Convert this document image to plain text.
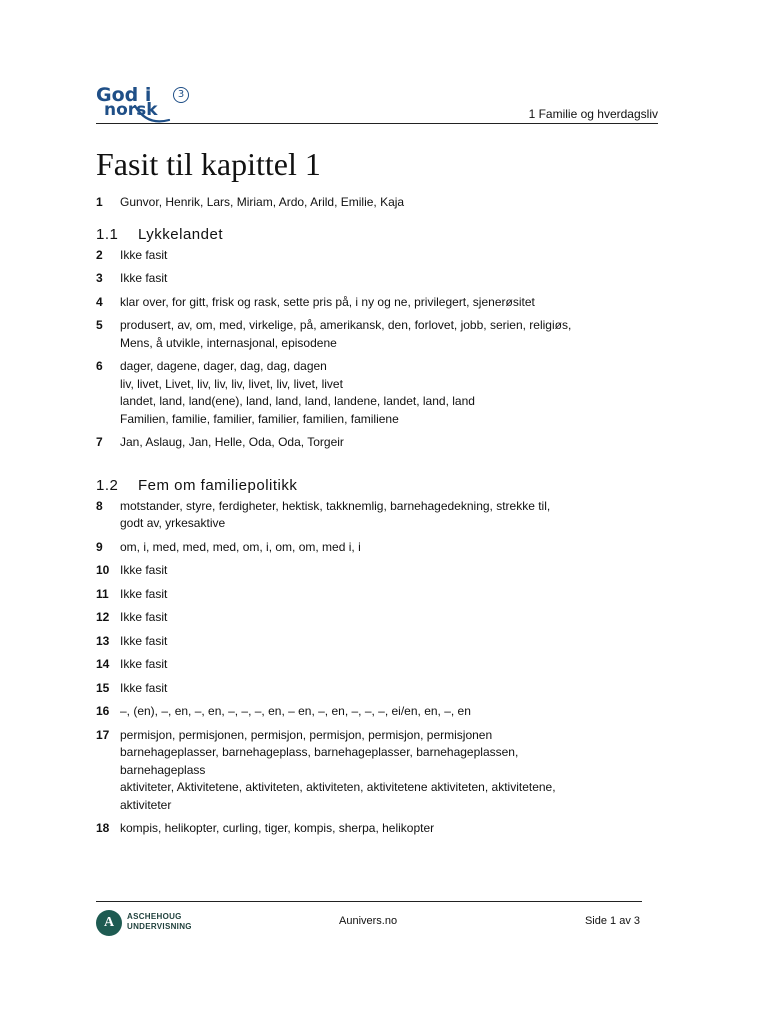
God i
norsk
3
1 Familie og hverdagsliv
Fasit til kapittel 1
1	Gunvor, Henrik, Lars, Miriam, Ardo, Arild, Emilie, Kaja
1.1	Lykkelandet
2	Ikke fasit
3	Ikke fasit
4	klar over, for gitt, frisk og rask, sette pris på, i ny og ne, privilegert, sjenerøsitet
5	produsert, av, om, med, virkelige, på, amerikansk, den, forlovet, jobb, serien, religiøs,
Mens, å utvikle, internasjonal, episodene
6	dager, dagene, dager, dag, dag, dagen
liv, livet, Livet, liv, liv, liv, livet, liv, livet, livet
landet, land, land(ene), land, land, land, landene, landet, land, land
Familien, familie, familier, familier, familien, familiene
7	Jan, Aslaug, Jan, Helle, Oda, Oda, Torgeir
1.2	Fem om familiepolitikk
8	motstander, styre, ferdigheter, hektisk, takknemlig, barnehagedekning, strekke til,
godt av, yrkesaktive
9	om, i, med, med, med, om, i, om, om, med i, i
10 Ikke fasit
11 Ikke fasit
12 Ikke fasit
13 Ikke fasit
14 Ikke fasit
15 Ikke fasit
16 –, (en), –, en, –, en, –, –, –, en, – en, –, en, –, –, –, ei/en, en, –, en
17 permisjon, permisjonen, permisjon, permisjon, permisjon, permisjonen
barnehageplasser, barnehageplass, barnehageplasser, barnehageplassen,
barnehageplass
aktiviteter, Aktivitetene, aktiviteten, aktiviteten, aktivitetene aktiviteten, aktivitetene,
aktiviteter
18 kompis, helikopter, curling, tiger, kompis, sherpa, helikopter
A	ASCHEHOUG
UNDERVISNING	Aunivers.no	Side 1 av 3
